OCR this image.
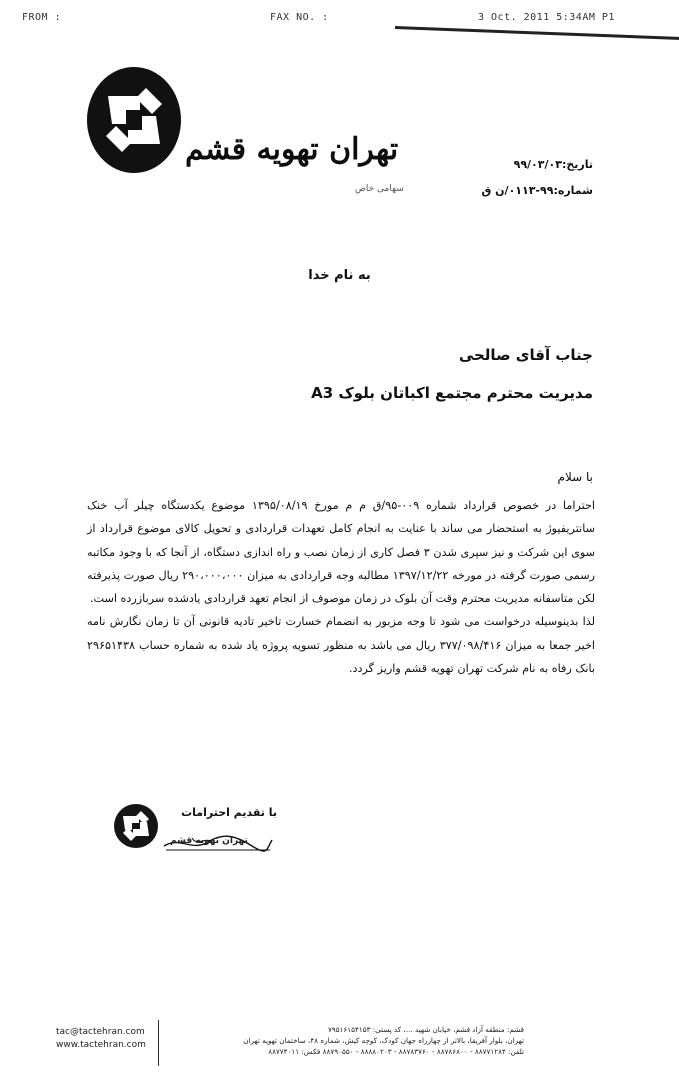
FROM :	FAX NO. :	3 Oct. 2011 5:34AM P1
تهران تهویه قشم
سهامی خاص
تاریخ:۹۹/۰۳/۰۳
شماره:۹۹-۰۱۱۳/ن ق
به نام خدا
جناب آقای صالحی
مدیریت محترم مجتمع اکباتان بلوک A3
با سلام

احتراما در خصوص قرارداد شماره ۰۰۹-۹۵/ق م م مورخ ۱۳۹۵/۰۸/۱۹ موضوع یکدستگاه چیلر آب خنک سانتریفیوژ به استحضار می ساند با عنایت به انجام کامل تعهدات قراردادی و تحویل کالای موضوع قرارداد از سوی این شرکت و نیز سپری شدن ۳ فصل کاری از زمان نصب و راه اندازی دستگاه، از آنجا که با وجود مکاتبه رسمی صورت گرفته در مورخه ۱۳۹۷/۱۲/۲۲ مطالبه وجه قراردادی به میزان ۲۹۰،۰۰۰،۰۰۰ ریال صورت پذیرفته لکن متاسفانه مدیریت محترم وقت آن بلوک در زمان موصوف از انجام تعهد قراردادی یادشده سربازرده است.

لذا بدینوسیله درخواست می شود تا وجه مزبور به انضمام خسارت تاخیر تادیه قانونی آن تا زمان نگارش نامه اخیر جمعا به میزان ۳۷۷/۰۹۸/۴۱۶ ریال می باشد به منظور تسویه پروژه یاد شده به شماره حساب ۲۹۶۵۱۴۳۸ بانک رفاه به نام شرکت تهران تهویه قشم واریز گردد.

با تقدیم احترامات
تهران تهویه قشم
tac@tactehran.com
www.tactehran.com
قشم: منطقه آزاد قشم، خیابان شهید ...، کد پستی: ۷۹۵۱۶۱۵۴۱۵۳
تهران، بلوار آفریقا، بالاتر از چهارراه جهان کودک، کوچه کیش، شماره ۴۸، ساختمان تهویه تهران
تلفن: ۸۸۷۷۱۲۸۴ - ۸۸۷۸۶۸۰۰ - ۸۸۷۸۳۷۶۰ - ۸۸۸۸۰۲۰۳ - ۸۸۷۹۰۵۵۰ فکس: ۸۸۷۷۴۰۱۱
